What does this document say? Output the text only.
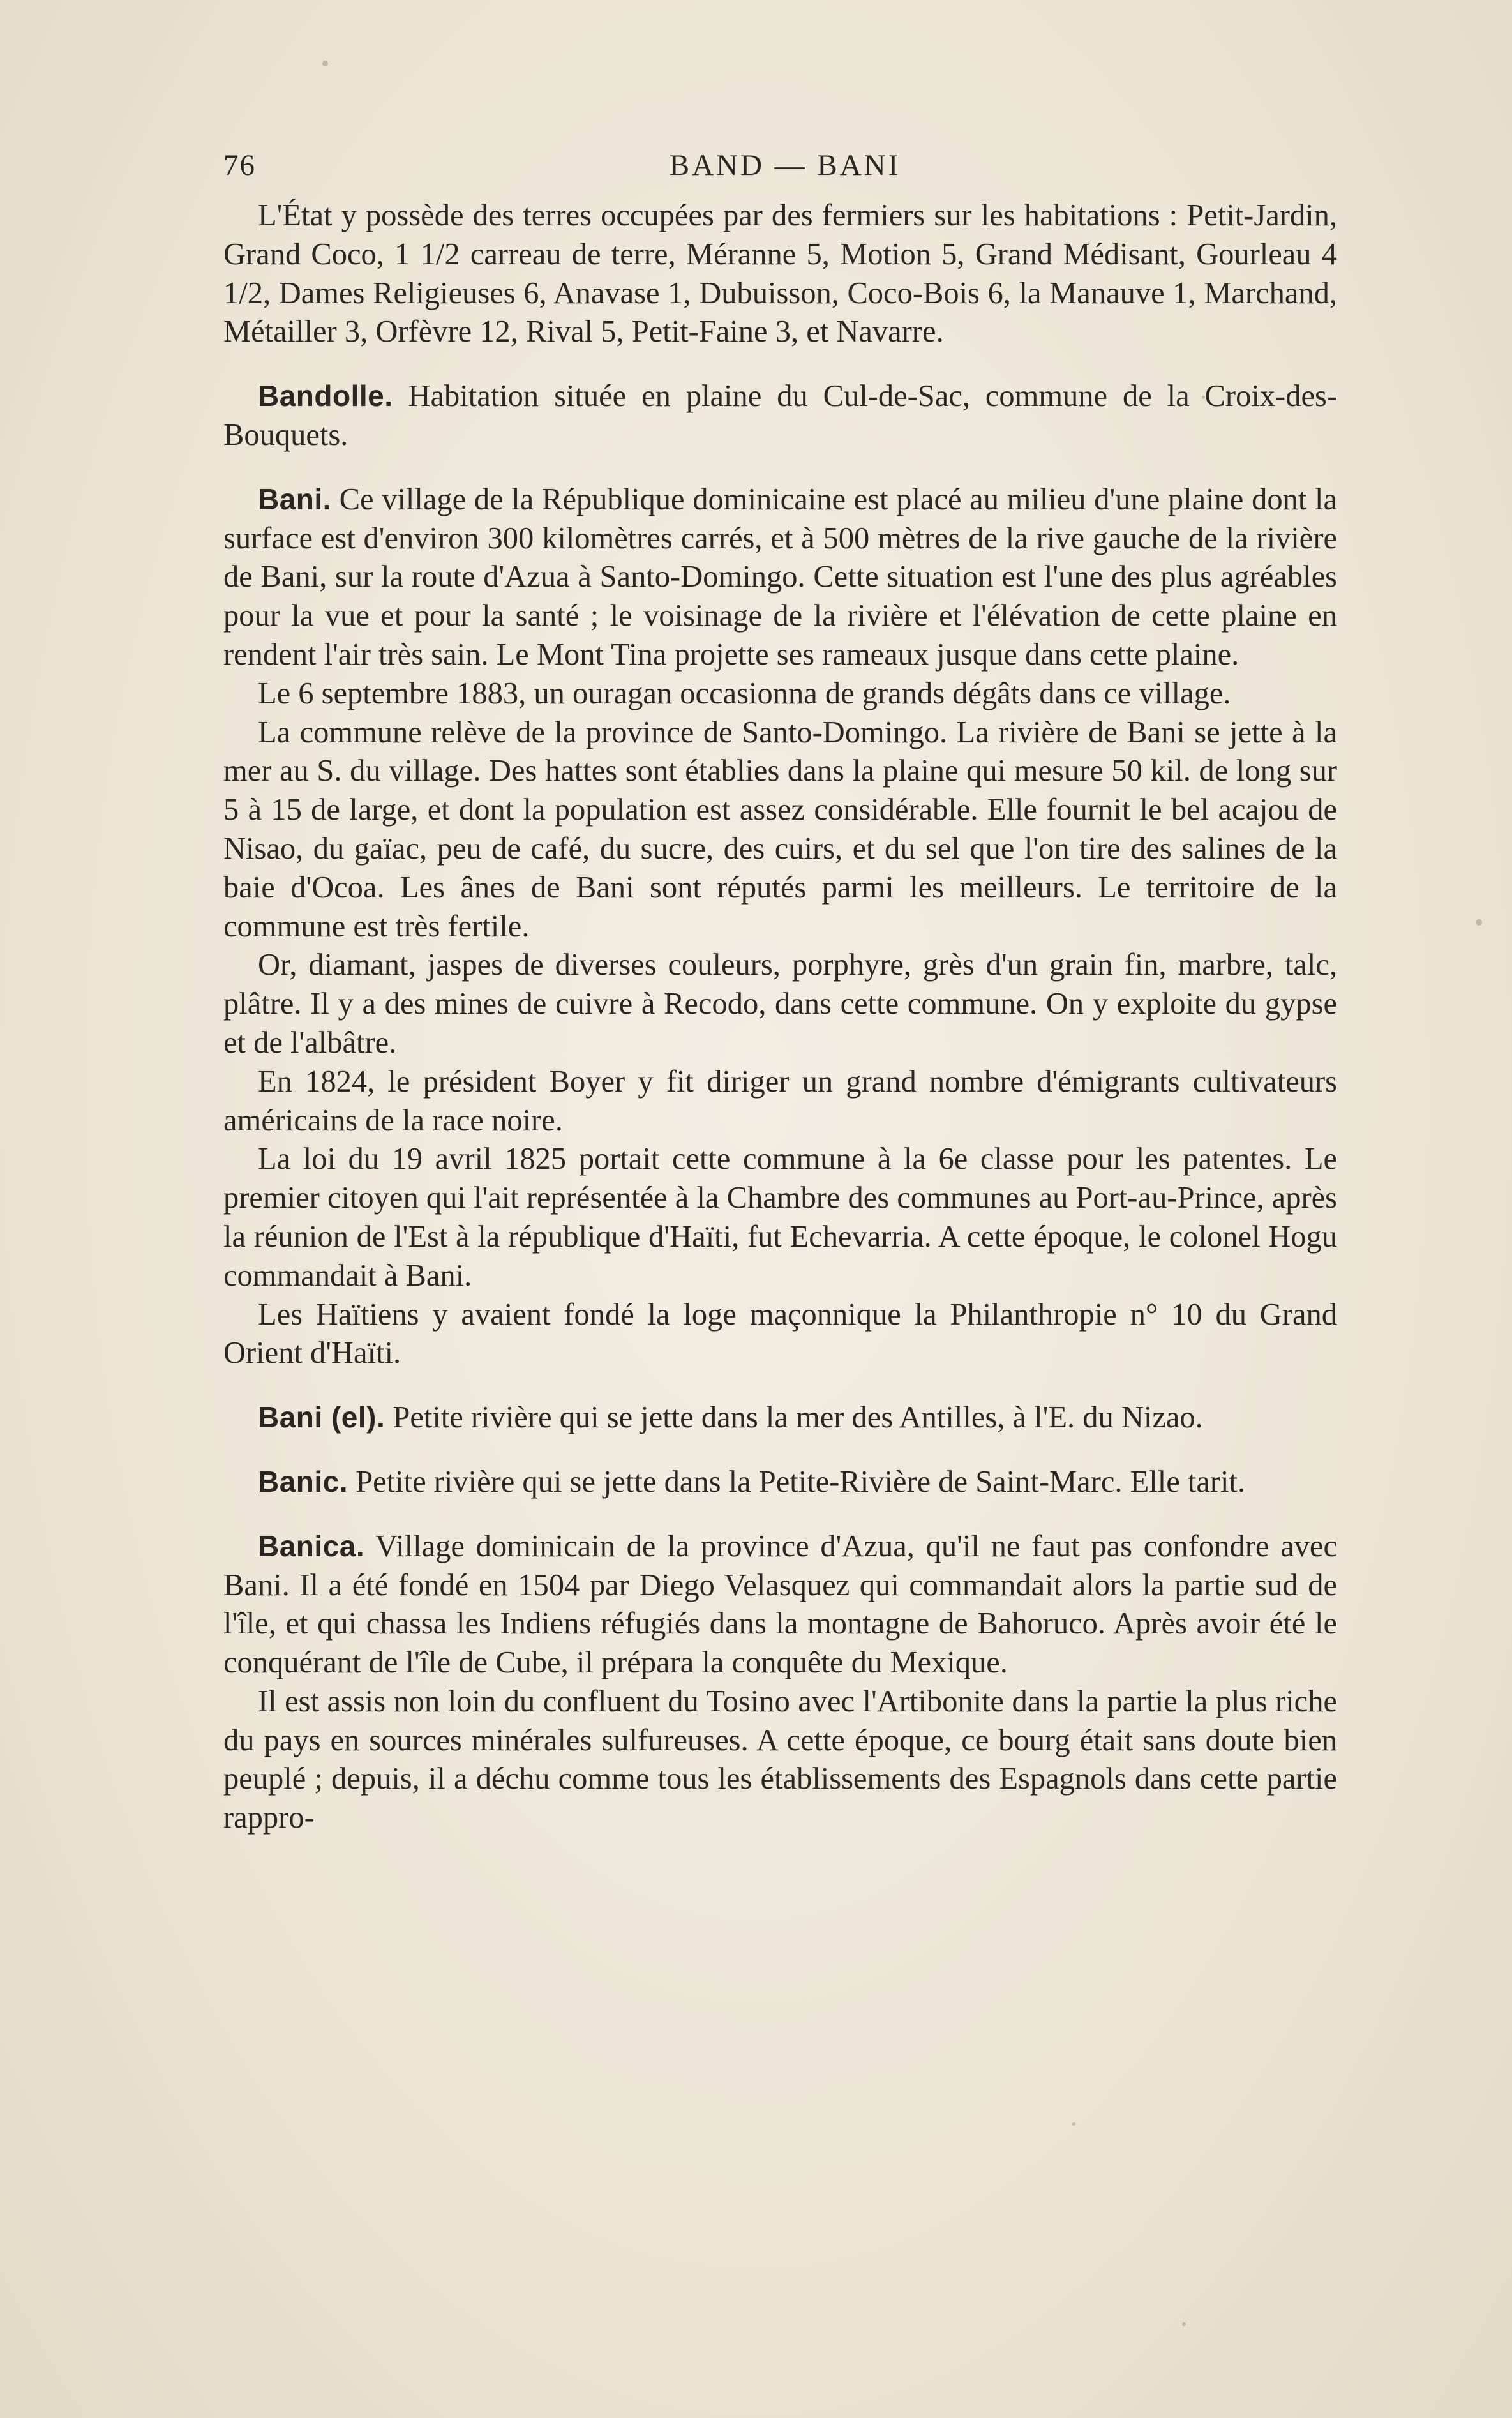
76	BAND — BANI

L'État y possède des terres occupées par des fermiers sur les habitations : Petit-Jardin, Grand Coco, 1 1/2 carreau de terre, Méranne 5, Motion 5, Grand Médisant, Gourleau 4 1/2, Dames Religieuses 6, Anavase 1, Dubuisson, Coco-Bois 6, la Manauve 1, Marchand, Métailler 3, Orfèvre 12, Rival 5, Petit-Faine 3, et Navarre.

Bandolle. Habitation située en plaine du Cul-de-Sac, commune de la Croix-des-Bouquets.

Bani. Ce village de la République dominicaine est placé au milieu d'une plaine dont la surface est d'environ 300 kilomètres carrés, et à 500 mètres de la rive gauche de la rivière de Bani, sur la route d'Azua à Santo-Domingo. Cette situation est l'une des plus agréables pour la vue et pour la santé ; le voisinage de la rivière et l'élévation de cette plaine en rendent l'air très sain. Le Mont Tina projette ses rameaux jusque dans cette plaine.

Le 6 septembre 1883, un ouragan occasionna de grands dégâts dans ce village.

La commune relève de la province de Santo-Domingo. La rivière de Bani se jette à la mer au S. du village. Des hattes sont établies dans la plaine qui mesure 50 kil. de long sur 5 à 15 de large, et dont la population est assez considérable. Elle fournit le bel acajou de Nisao, du gaïac, peu de café, du sucre, des cuirs, et du sel que l'on tire des salines de la baie d'Ocoa. Les ânes de Bani sont réputés parmi les meilleurs. Le territoire de la commune est très fertile.

Or, diamant, jaspes de diverses couleurs, porphyre, grès d'un grain fin, marbre, talc, plâtre. Il y a des mines de cuivre à Recodo, dans cette commune. On y exploite du gypse et de l'albâtre.

En 1824, le président Boyer y fit diriger un grand nombre d'émigrants cultivateurs américains de la race noire.

La loi du 19 avril 1825 portait cette commune à la 6e classe pour les patentes. Le premier citoyen qui l'ait représentée à la Chambre des communes au Port-au-Prince, après la réunion de l'Est à la république d'Haïti, fut Echevarria. A cette époque, le colonel Hogu commandait à Bani.

Les Haïtiens y avaient fondé la loge maçonnique la Philanthropie n° 10 du Grand Orient d'Haïti.

Bani (el). Petite rivière qui se jette dans la mer des Antilles, à l'E. du Nizao.

Banic. Petite rivière qui se jette dans la Petite-Rivière de Saint-Marc. Elle tarit.

Banica. Village dominicain de la province d'Azua, qu'il ne faut pas confondre avec Bani. Il a été fondé en 1504 par Diego Velasquez qui commandait alors la partie sud de l'île, et qui chassa les Indiens réfugiés dans la montagne de Bahoruco. Après avoir été le conquérant de l'île de Cube, il prépara la conquête du Mexique.

Il est assis non loin du confluent du Tosino avec l'Artibonite dans la partie la plus riche du pays en sources minérales sulfureuses. A cette époque, ce bourg était sans doute bien peuplé ; depuis, il a déchu comme tous les établissements des Espagnols dans cette partie rappro-
